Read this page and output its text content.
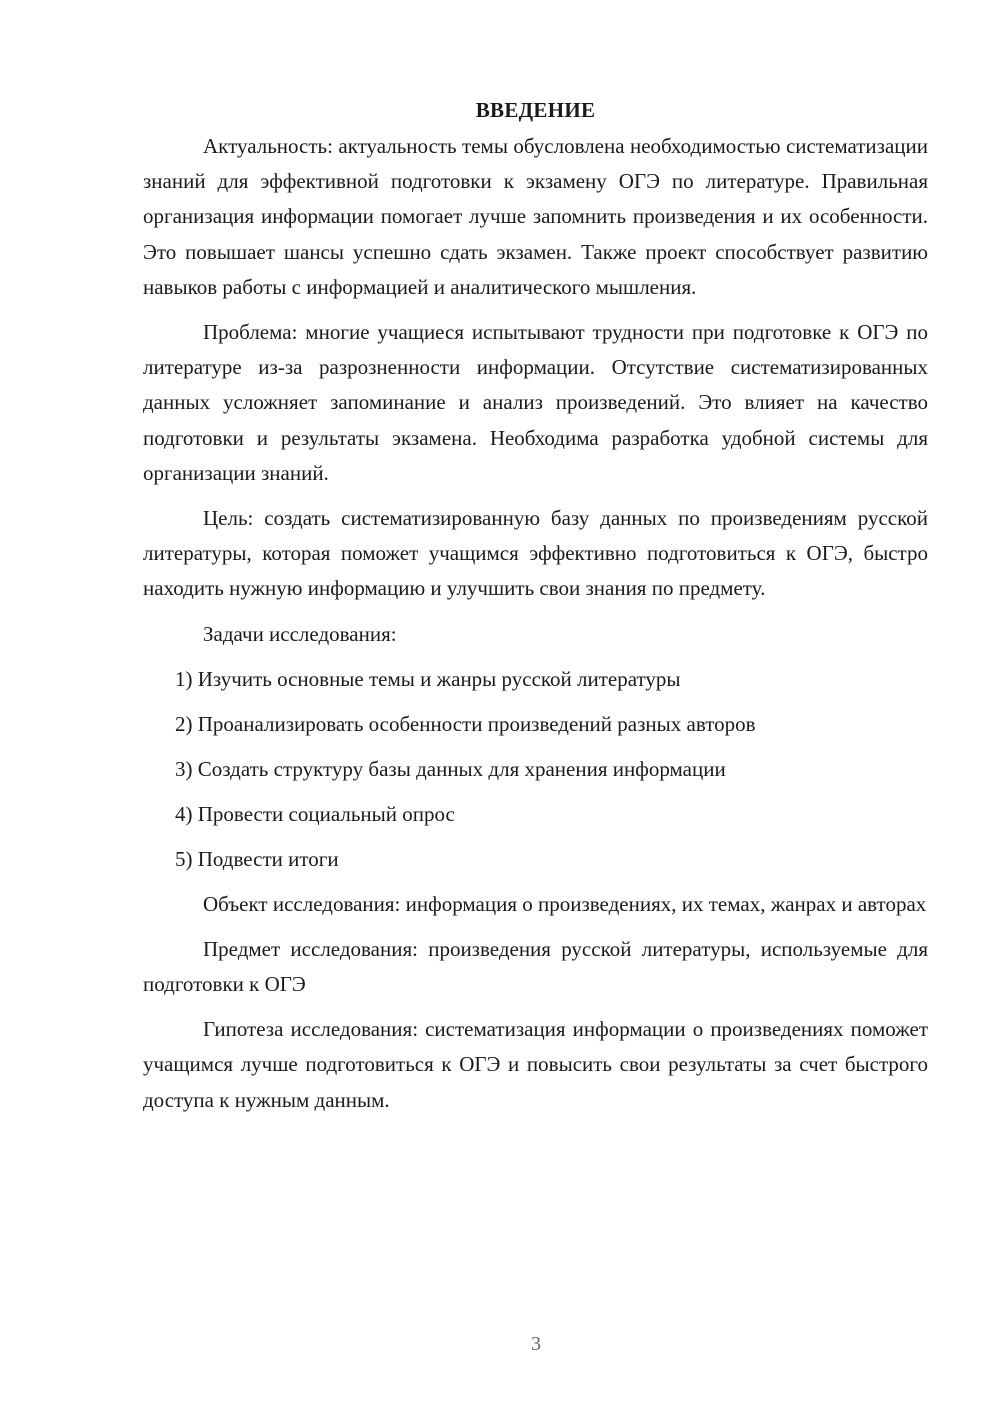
ВВЕДЕНИЕ

Актуальность: актуальность темы обусловлена необходимостью систематизации знаний для эффективной подготовки к экзамену ОГЭ по литературе. Правильная организация информации помогает лучше запомнить произведения и их особенности. Это повышает шансы успешно сдать экзамен. Также проект способствует развитию навыков работы с информацией и аналитического мышления.

Проблема: многие учащиеся испытывают трудности при подготовке к ОГЭ по литературе из-за разрозненности информации. Отсутствие систематизированных данных усложняет запоминание и анализ произведений. Это влияет на качество подготовки и результаты экзамена. Необходима разработка удобной системы для организации знаний.

Цель: создать систематизированную базу данных по произведениям русской литературы, которая поможет учащимся эффективно подготовиться к ОГЭ, быстро находить нужную информацию и улучшить свои знания по предмету.

Задачи исследования:

1) Изучить основные темы и жанры русской литературы
2) Проанализировать особенности произведений разных авторов
3) Создать структуру базы данных для хранения информации
4) Провести социальный опрос
5) Подвести итоги

Объект исследования: информация о произведениях, их темах, жанрах и авторах

Предмет исследования: произведения русской литературы, используемые для подготовки к ОГЭ

Гипотеза исследования: систематизация информации о произведениях поможет учащимся лучше подготовиться к ОГЭ и повысить свои результаты за счет быстрого доступа к нужным данным.

3
